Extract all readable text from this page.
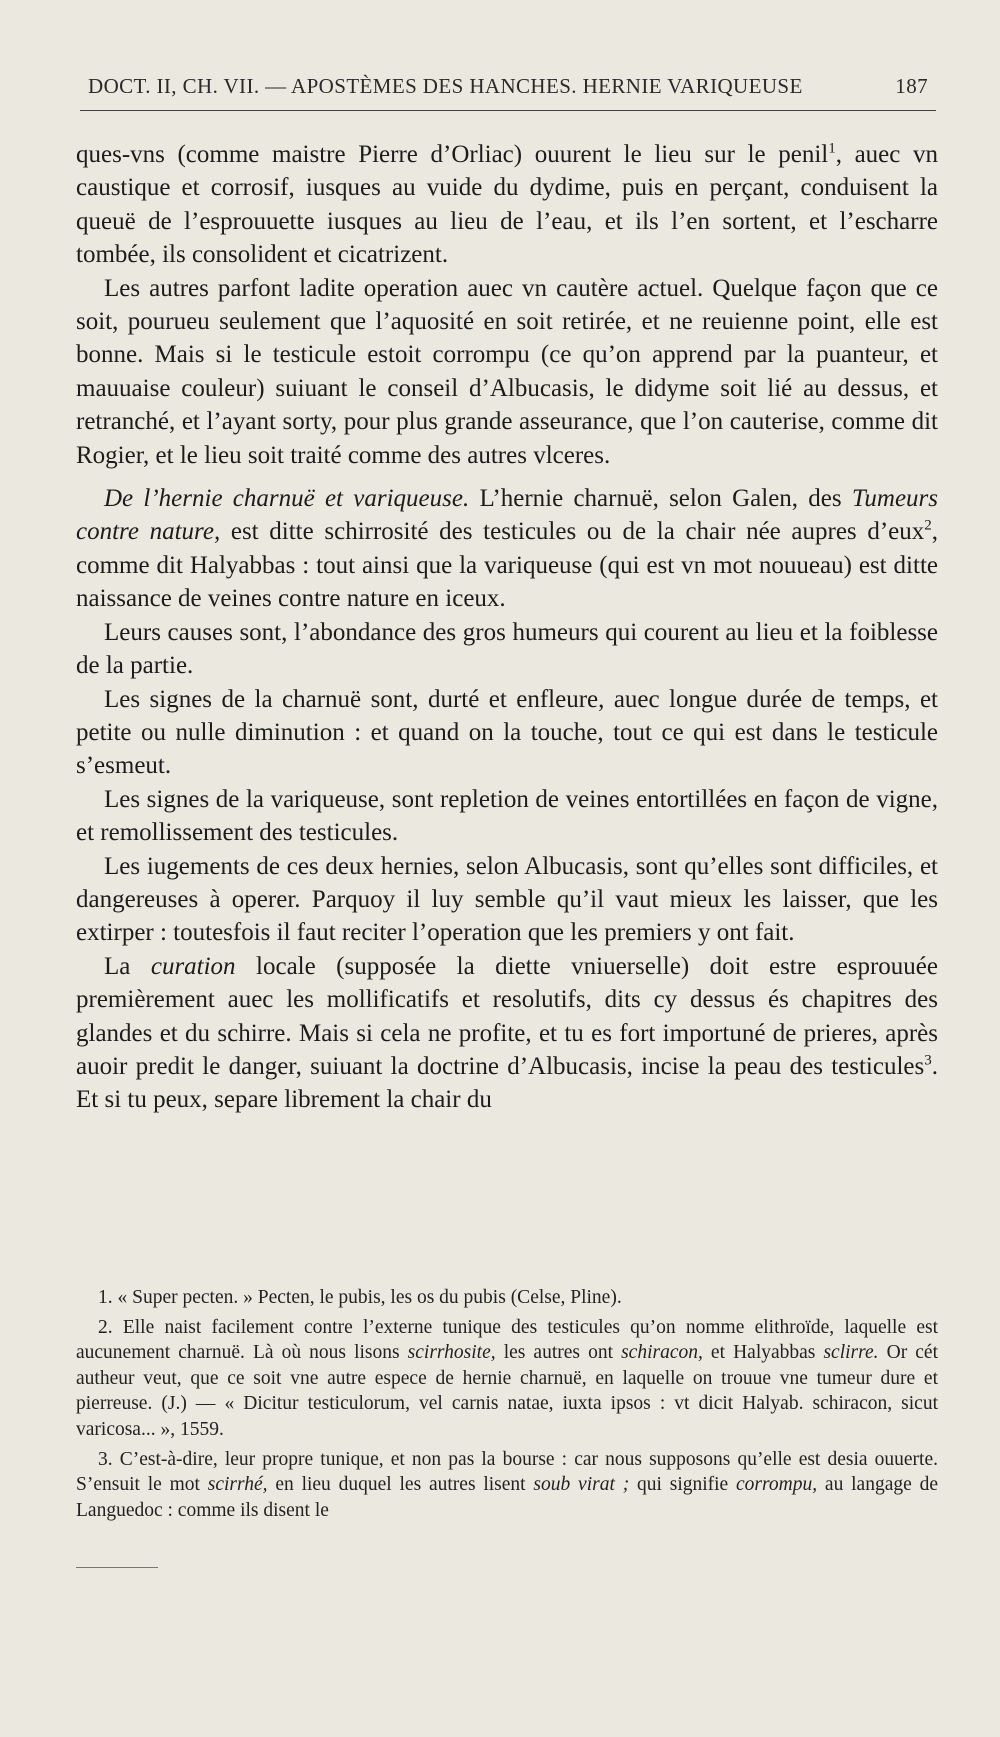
DOCT. II, CH. VII. — APOSTÈMES DES HANCHES. HERNIE VARIQUEUSE	187

ques-vns (comme maistre Pierre d’Orliac) ouurent le lieu sur le penil$^1$, auec vn caustique et corrosif, iusques au vuide du dydime, puis en perçant, conduisent la queuë de l’esprouuette iusques au lieu de l’eau, et ils l’en sortent, et l’escharre tombée, ils consolident et cicatrizent.

Les autres parfont ladite operation auec vn cautère actuel. Quelque façon que ce soit, pourueu seulement que l’aquosité en soit retirée, et ne reuienne point, elle est bonne. Mais si le testicule estoit corrompu (ce qu’on apprend par la puanteur, et mauuaise couleur) suiuant le conseil d’Albucasis, le didyme soit lié au dessus, et retranché, et l’ayant sorty, pour plus grande asseurance, que l’on cauterise, comme dit Rogier, et le lieu soit traité comme des autres vlceres.

De l’hernie charnuë et variqueuse. L’hernie charnuë, selon Galen, des Tumeurs contre nature, est ditte schirrosité des testicules ou de la chair née aupres d’eux$^2$, comme dit Halyabbas : tout ainsi que la variqueuse (qui est vn mot nouueau) est ditte naissance de veines contre nature en iceux.

Leurs causes sont, l’abondance des gros humeurs qui courent au lieu et la foiblesse de la partie.

Les signes de la charnuë sont, durté et enfleure, auec longue durée de temps, et petite ou nulle diminution : et quand on la touche, tout ce qui est dans le testicule s’esmeut.

Les signes de la variqueuse, sont repletion de veines entortillées en façon de vigne, et remollissement des testicules.

Les iugements de ces deux hernies, selon Albucasis, sont qu’elles sont difficiles, et dangereuses à operer. Parquoy il luy semble qu’il vaut mieux les laisser, que les extirper : toutesfois il faut reciter l’operation que les premiers y ont fait.

La curation locale (supposée la diette vniuerselle) doit estre esprouuée premièrement auec les mollificatifs et resolutifs, dits cy dessus és chapitres des glandes et du schirre. Mais si cela ne profite, et tu es fort importuné de prieres, après auoir predit le danger, suiuant la doctrine d’Albucasis, incise la peau des testicules$^3$. Et si tu peux, separe librement la chair du

1. « Super pecten. » Pecten, le pubis, les os du pubis (Celse, Pline).

2. Elle naist facilement contre l’externe tunique des testicules qu’on nomme elithroïde, laquelle est aucunement charnuë. Là où nous lisons scirrhosite, les autres ont schiracon, et Halyabbas sclirre. Or cét autheur veut, que ce soit vne autre espece de hernie charnuë, en laquelle on trouue vne tumeur dure et pierreuse. (J.) — « Dicitur testiculorum, vel carnis natae, iuxta ipsos : vt dicit Halyab. schiracon, sicut varicosa... », 1559.

3. C’est-à-dire, leur propre tunique, et non pas la bourse : car nous supposons qu’elle est desia ouuerte. S’ensuit le mot scirrhé, en lieu duquel les autres lisent soub virat ; qui signifie corrompu, au langage de Languedoc : comme ils disent le
